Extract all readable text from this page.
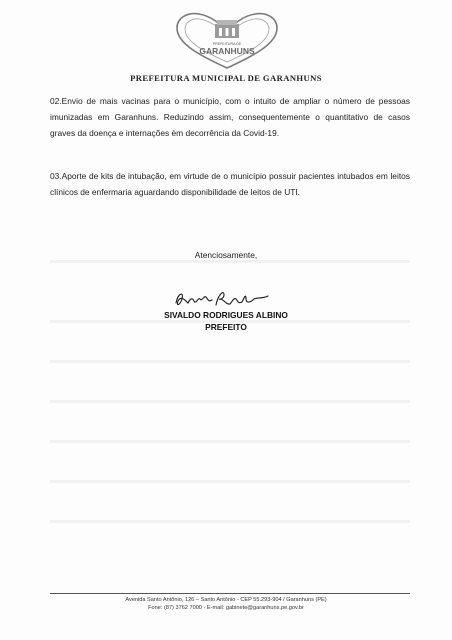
PREFEITURA DE
GARANHUNS
PREFEITURA MUNICIPAL DE GARANHUNS
02.Envio de mais vacinas para o município, com o intuito de ampliar o número de pessoas imunizadas em Garanhuns. Reduzindo assim, consequentemente o quantitativo de casos graves da doença e internações èm decorrência da Covid-19.
03.Aporte de kits de intubação, em virtude de o município possuir pacientes intubados em leitos clínicos de enfermaria aguardando disponibilidade de leitos de UTI.
Atenciosamente,
SIVALDO RODRIGUES ALBINO
PREFEITO
Avenida Santo Antônio, 126 – Santo Antônio - CEP 55.293-904 / Garanhuns (PE)
Fone: (87) 3762 7000 - E-mail: gabinete@garanhuns.pe.gov.br
